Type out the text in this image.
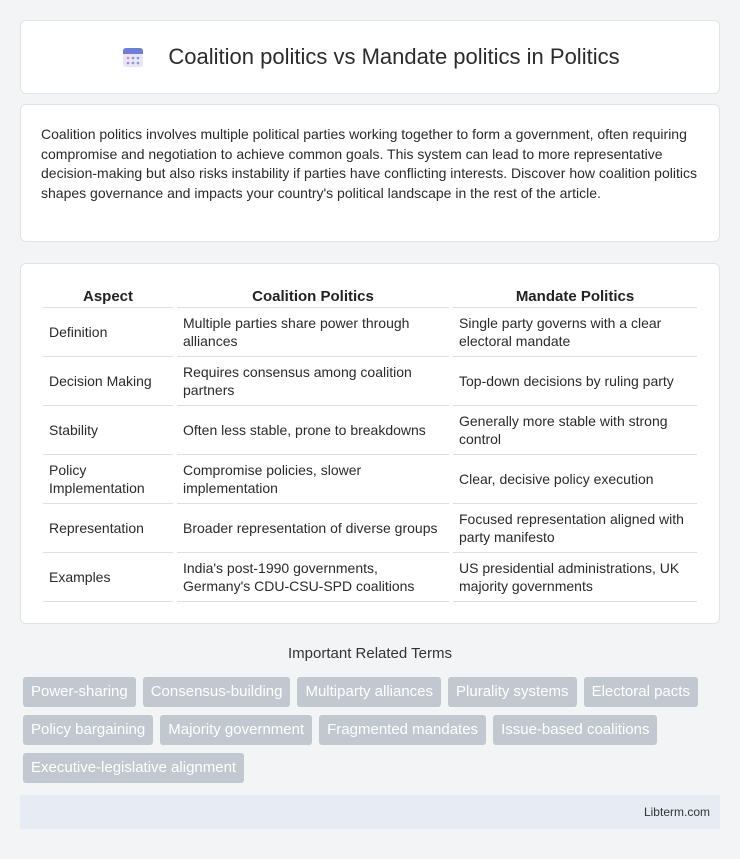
Coalition politics vs Mandate politics in Politics

Coalition politics involves multiple political parties working together to form a government, often requiring compromise and negotiation to achieve common goals. This system can lead to more representative decision-making but also risks instability if parties have conflicting interests. Discover how coalition politics shapes governance and impacts your country's political landscape in the rest of the article.

Aspect	Coalition Politics	Mandate Politics
Definition	Multiple parties share power through alliances	Single party governs with a clear electoral mandate
Decision Making	Requires consensus among coalition partners	Top-down decisions by ruling party
Stability	Often less stable, prone to breakdowns	Generally more stable with strong control
Policy Implementation	Compromise policies, slower implementation	Clear, decisive policy execution
Representation	Broader representation of diverse groups	Focused representation aligned with party manifesto
Examples	India's post-1990 governments, Germany's CDU-CSU-SPD coalitions	US presidential administrations, UK majority governments
Important Related Terms
Power-sharing	Consensus-building	Multiparty alliances	Plurality systems	Electoral pacts
Policy bargaining	Majority government	Fragmented mandates	Issue-based coalitions
Executive-legislative alignment
Libterm.com
